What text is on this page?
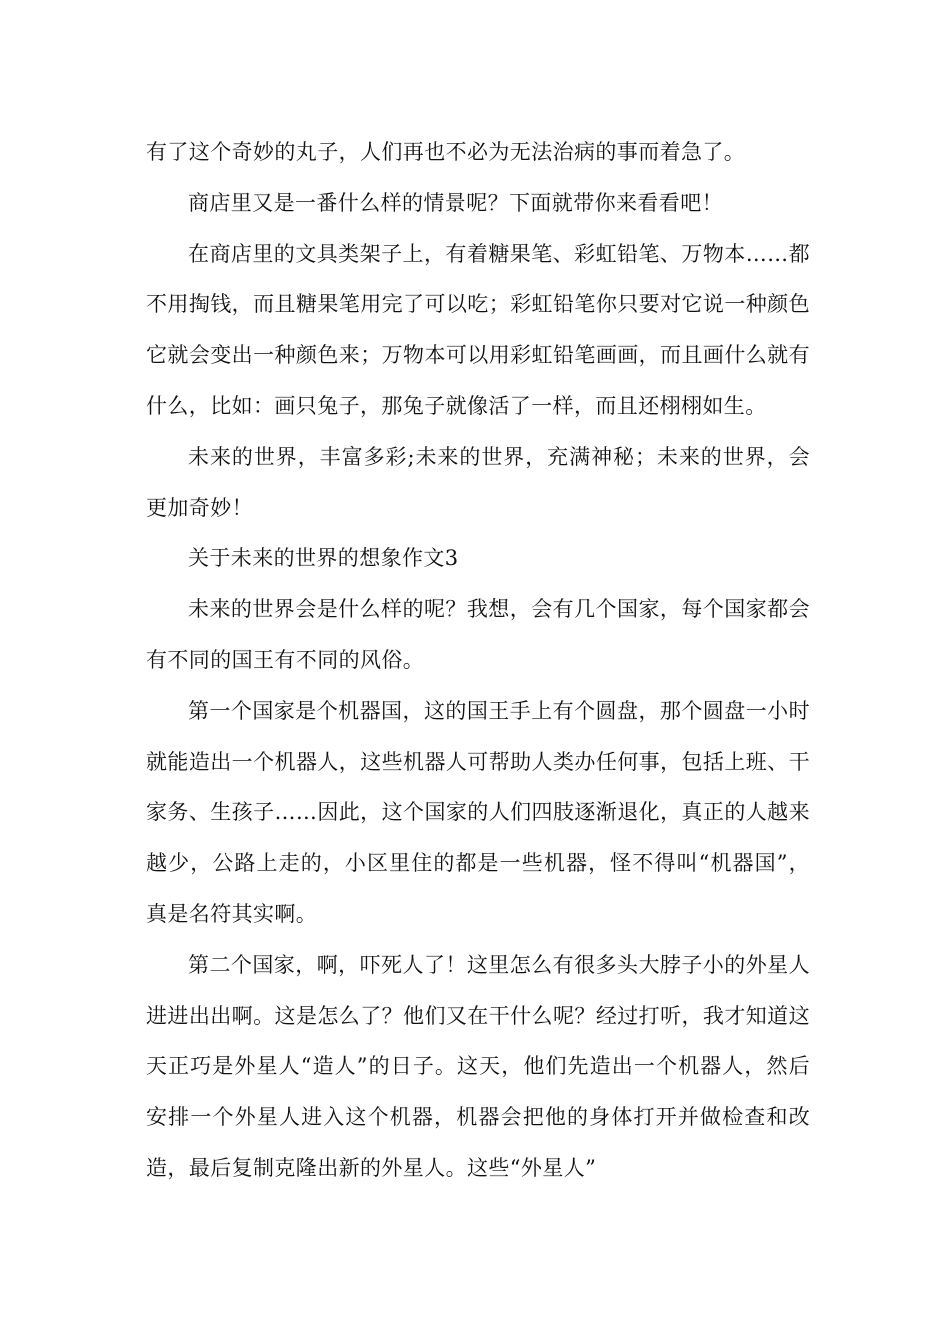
有了这个奇妙的丸子，人们再也不必为无法治病的事而着急了。

商店里又是一番什么样的情景呢？下面就带你来看看吧！

在商店里的文具类架子上，有着糖果笔、彩虹铅笔、万物本……都不用掏钱，而且糖果笔用完了可以吃；彩虹铅笔你只要对它说一种颜色它就会变出一种颜色来；万物本可以用彩虹铅笔画画，而且画什么就有什么，比如：画只兔子，那兔子就像活了一样，而且还栩栩如生。

未来的世界，丰富多彩;未来的世界，充满神秘；未来的世界，会更加奇妙！

关于未来的世界的想象作文3

未来的世界会是什么样的呢？我想，会有几个国家，每个国家都会有不同的国王有不同的风俗。

第一个国家是个机器国，这的国王手上有个圆盘，那个圆盘一小时就能造出一个机器人，这些机器人可帮助人类办任何事，包括上班、干家务、生孩子……因此，这个国家的人们四肢逐渐退化，真正的人越来越少，公路上走的，小区里住的都是一些机器，怪不得叫“机器国”，真是名符其实啊。

第二个国家，啊，吓死人了！这里怎么有很多头大脖子小的外星人进进出出啊。这是怎么了？他们又在干什么呢？经过打听，我才知道这天正巧是外星人“造人”的日子。这天，他们先造出一个机器人，然后安排一个外星人进入这个机器，机器会把他的身体打开并做检查和改造，最后复制克隆出新的外星人。这些“外星人”
